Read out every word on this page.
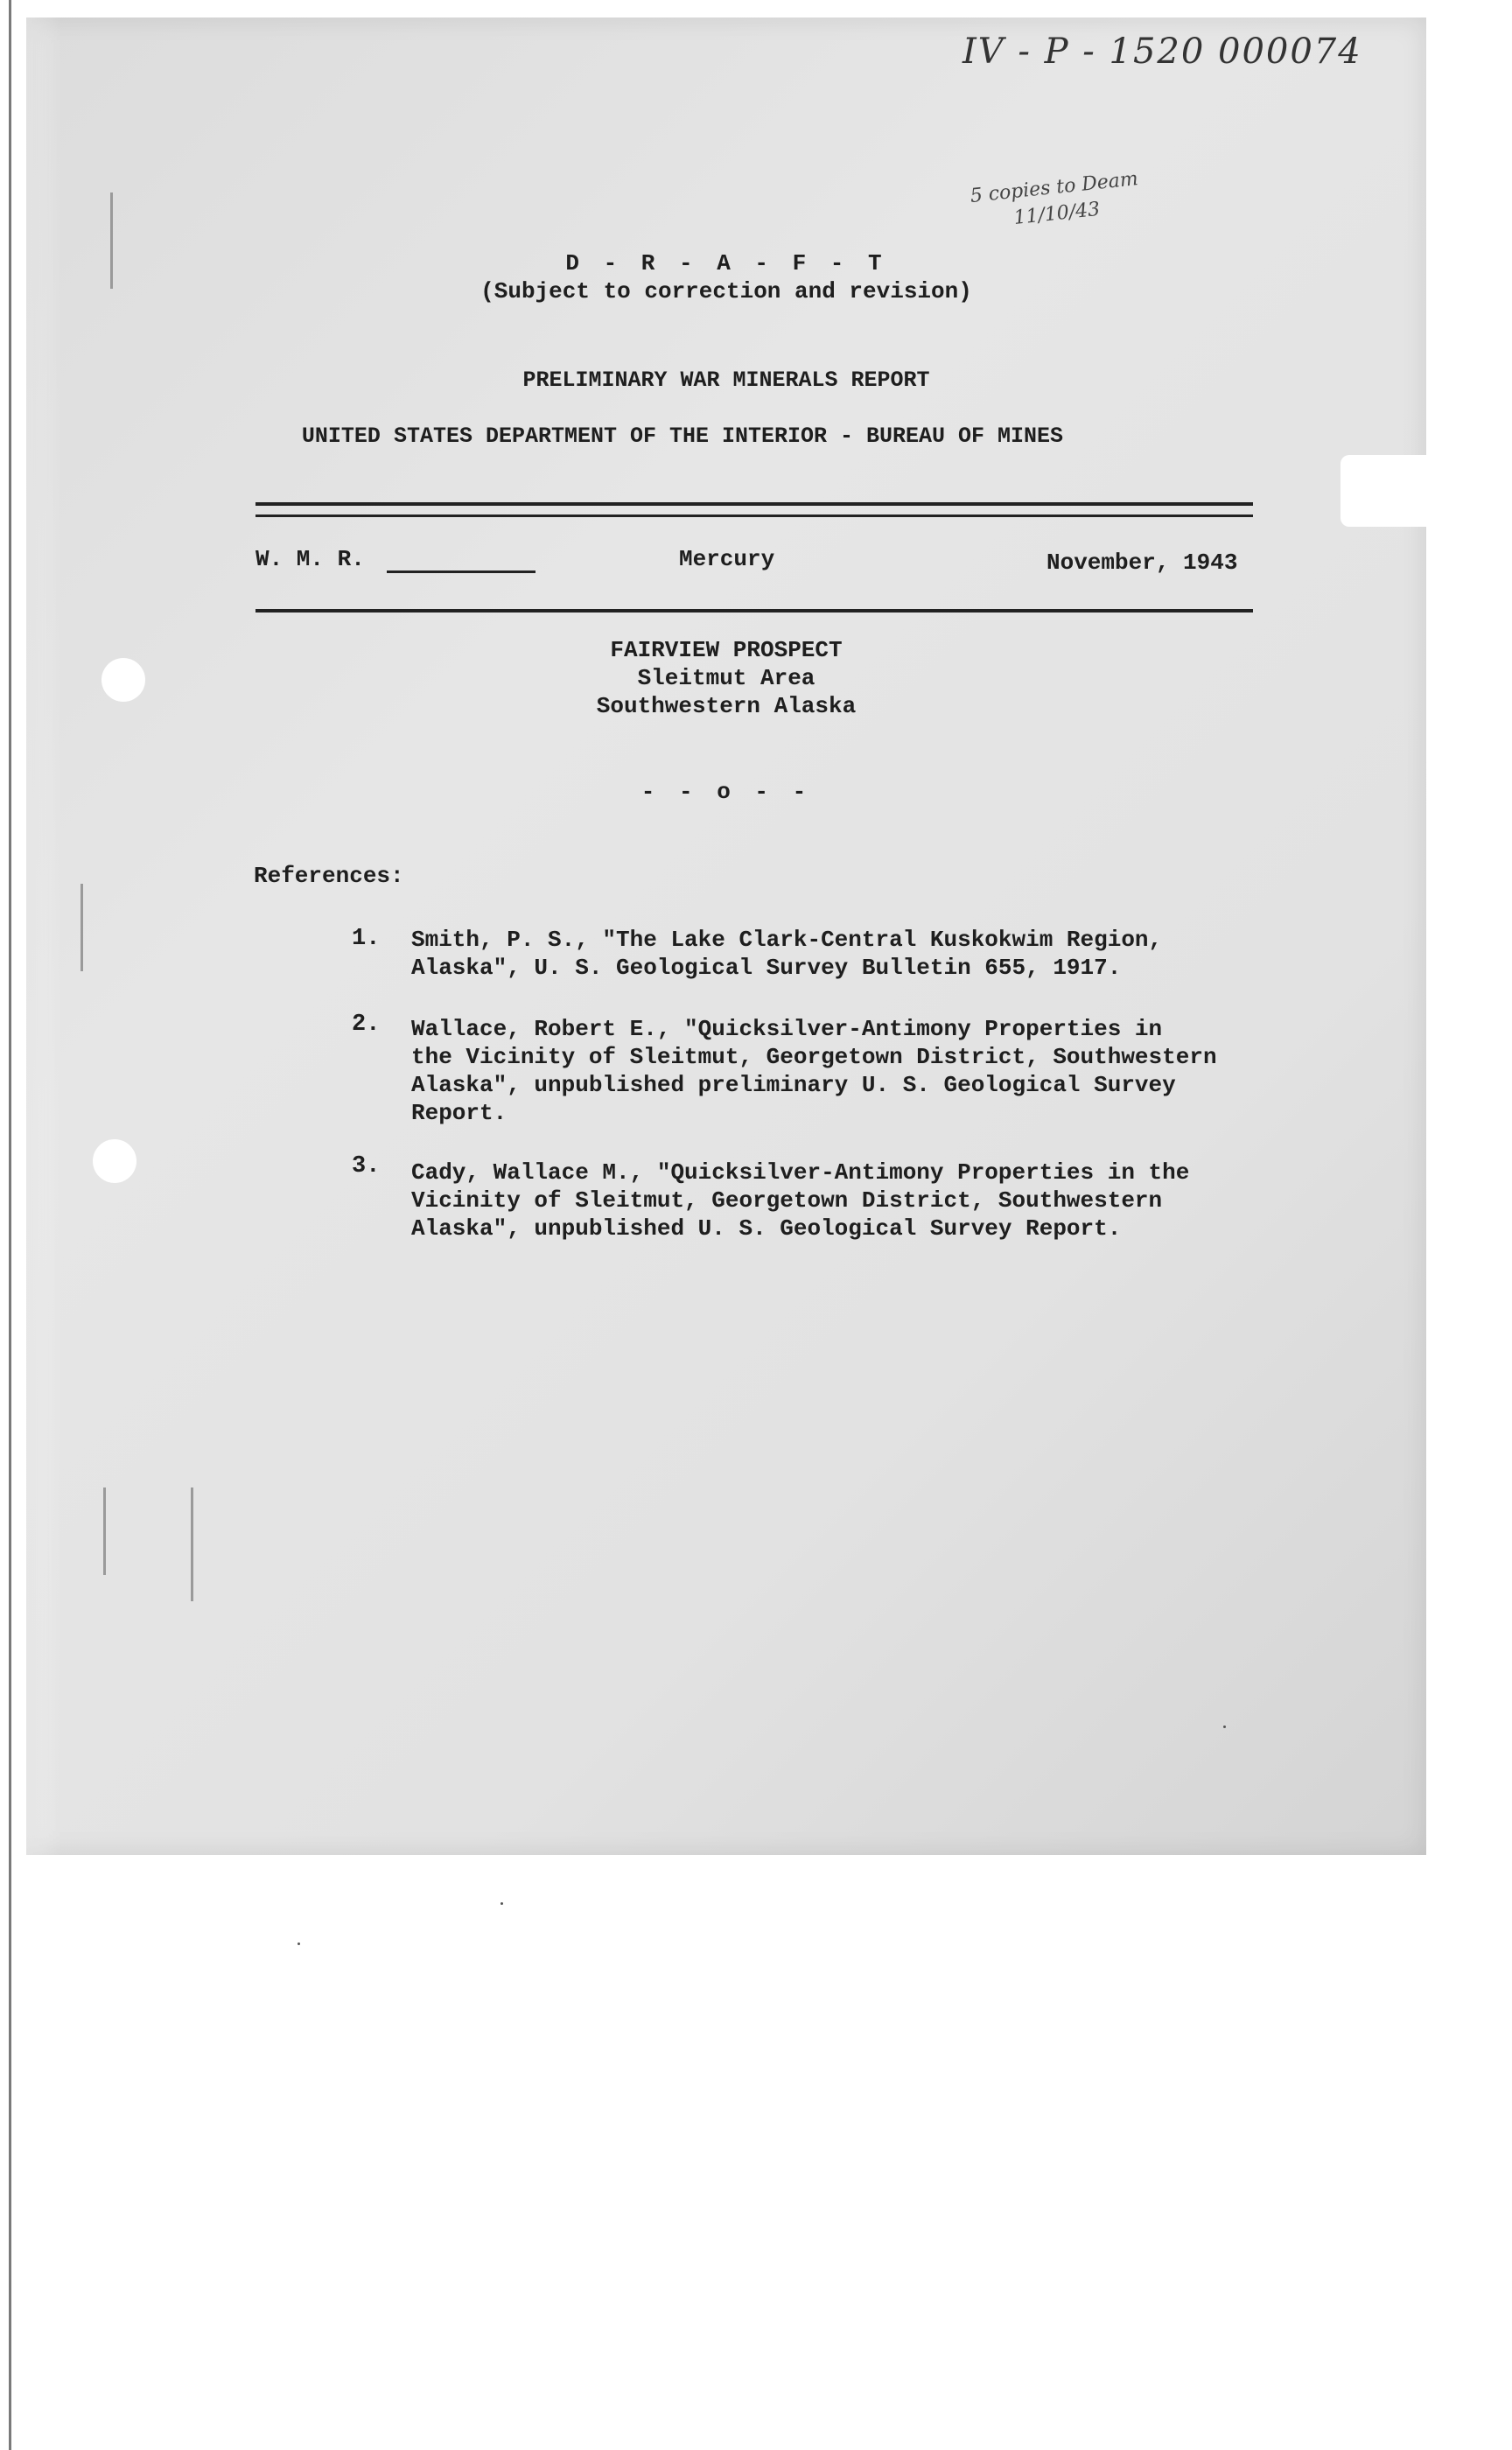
IV - P - 1520 000074
5 copies to Deam
11/10/43
D - R - A - F - T
(Subject to correction and revision)
PRELIMINARY WAR MINERALS REPORT
UNITED STATES DEPARTMENT OF THE INTERIOR - BUREAU OF MINES
W. M. R.	Mercury	November, 1943
FAIRVIEW PROSPECT
Sleitmut Area
Southwestern Alaska
- - o - -
References:
1. Smith, P. S., "The Lake Clark-Central Kuskokwim Region,
Alaska", U. S. Geological Survey Bulletin 655, 1917.
2. Wallace, Robert E., "Quicksilver-Antimony Properties in
the Vicinity of Sleitmut, Georgetown District, Southwestern
Alaska", unpublished preliminary U. S. Geological Survey
Report.
3. Cady, Wallace M., "Quicksilver-Antimony Properties in the
Vicinity of Sleitmut, Georgetown District, Southwestern
Alaska", unpublished U. S. Geological Survey Report.
